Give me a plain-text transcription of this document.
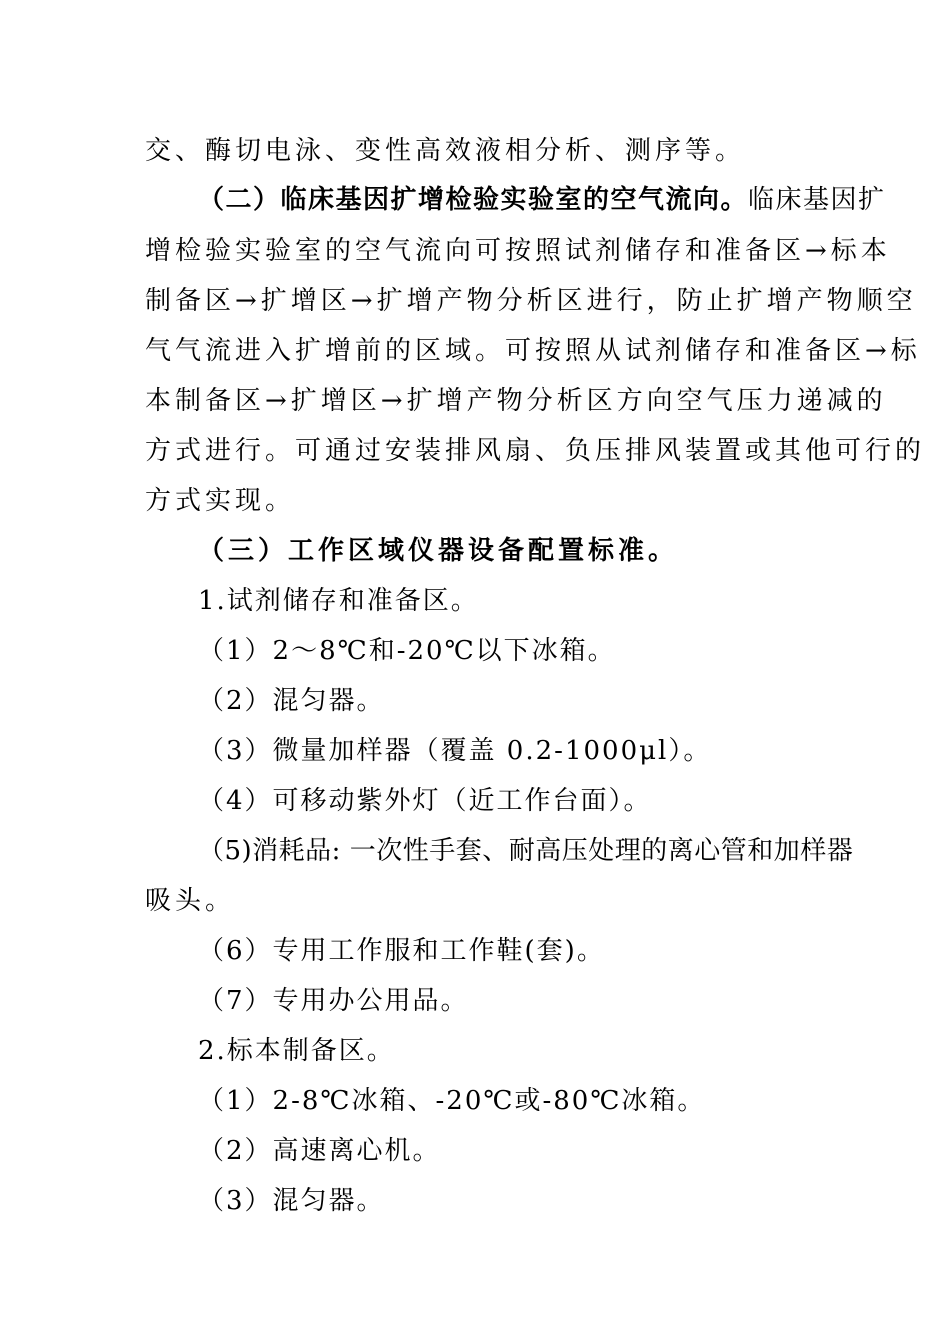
交、酶切电泳、变性高效液相分析、测序等。
（二）临床基因扩增检验实验室的空气流向。临床基因扩
增检验实验室的空气流向可按照试剂储存和准备区→标本
制备区→扩增区→扩增产物分析区进行，防止扩增产物顺空
气气流进入扩增前的区域。可按照从试剂储存和准备区→标
本制备区→扩增区→扩增产物分析区方向空气压力递减的
方式进行。可通过安装排风扇、负压排风装置或其他可行的
方式实现。
（三）工作区域仪器设备配置标准。
1.试剂储存和准备区。
（1）2～8℃和-20℃以下冰箱。
（2）混匀器。
（3）微量加样器（覆盖 0.2-1000μl）。
（4）可移动紫外灯（近工作台面）。
（5)消耗品: 一次性手套、耐高压处理的离心管和加样器
吸头。
（6）专用工作服和工作鞋(套)。
（7）专用办公用品。
2.标本制备区。
（1）2-8℃冰箱、-20℃或-80℃冰箱。
（2）高速离心机。
（3）混匀器。
